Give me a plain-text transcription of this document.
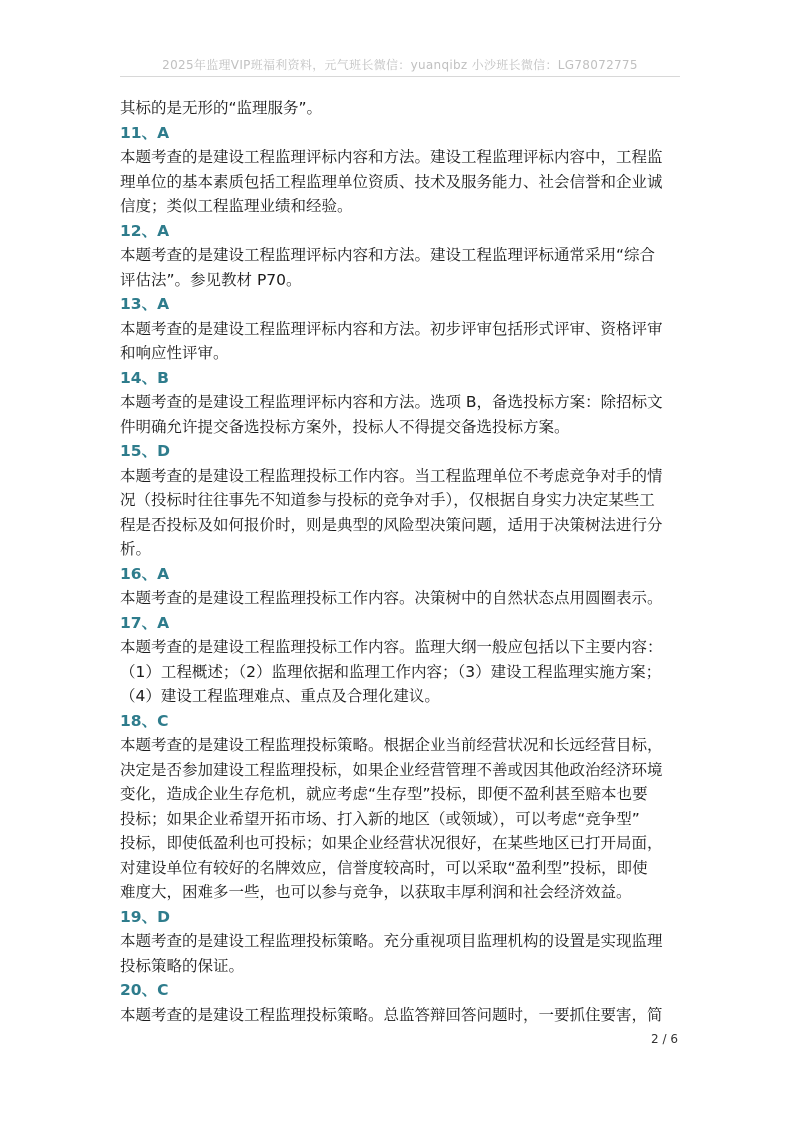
2025年监理VIP班福利资料，元气班长微信：yuanqibz 小沙班长微信：LG78072775
其标的是无形的“监理服务”。
11、A
本题考查的是建设工程监理评标内容和方法。建设工程监理评标内容中，工程监
理单位的基本素质包括工程监理单位资质、技术及服务能力、社会信誉和企业诚
信度；类似工程监理业绩和经验。
12、A
本题考查的是建设工程监理评标内容和方法。建设工程监理评标通常采用“综合
评估法”。参见教材 P70。
13、A
本题考查的是建设工程监理评标内容和方法。初步评审包括形式评审、资格评审
和响应性评审。
14、B
本题考查的是建设工程监理评标内容和方法。选项 B，备选投标方案：除招标文
件明确允许提交备选投标方案外，投标人不得提交备选投标方案。
15、D
本题考查的是建设工程监理投标工作内容。当工程监理单位不考虑竞争对手的情
况（投标时往往事先不知道参与投标的竞争对手），仅根据自身实力决定某些工
程是否投标及如何报价时，则是典型的风险型决策问题，适用于决策树法进行分
析。
16、A
本题考查的是建设工程监理投标工作内容。决策树中的自然状态点用圆圈表示。
17、A
本题考查的是建设工程监理投标工作内容。监理大纲一般应包括以下主要内容：
（1）工程概述；（2）监理依据和监理工作内容；（3）建设工程监理实施方案；
（4）建设工程监理难点、重点及合理化建议。
18、C
本题考查的是建设工程监理投标策略。根据企业当前经营状况和长远经营目标，
决定是否参加建设工程监理投标，如果企业经营管理不善或因其他政治经济环境
变化，造成企业生存危机，就应考虑“生存型”投标，即便不盈利甚至赔本也要
投标；如果企业希望开拓市场、打入新的地区（或领域），可以考虑“竞争型”
投标，即使低盈利也可投标；如果企业经营状况很好，在某些地区已打开局面，
对建设单位有较好的名牌效应，信誉度较高时，可以采取“盈利型”投标，即使
难度大，困难多一些，也可以参与竞争，以获取丰厚利润和社会经济效益。
19、D
本题考查的是建设工程监理投标策略。充分重视项目监理机构的设置是实现监理
投标策略的保证。
20、C
本题考查的是建设工程监理投标策略。总监答辩回答问题时，一要抓住要害，简
2 / 6
